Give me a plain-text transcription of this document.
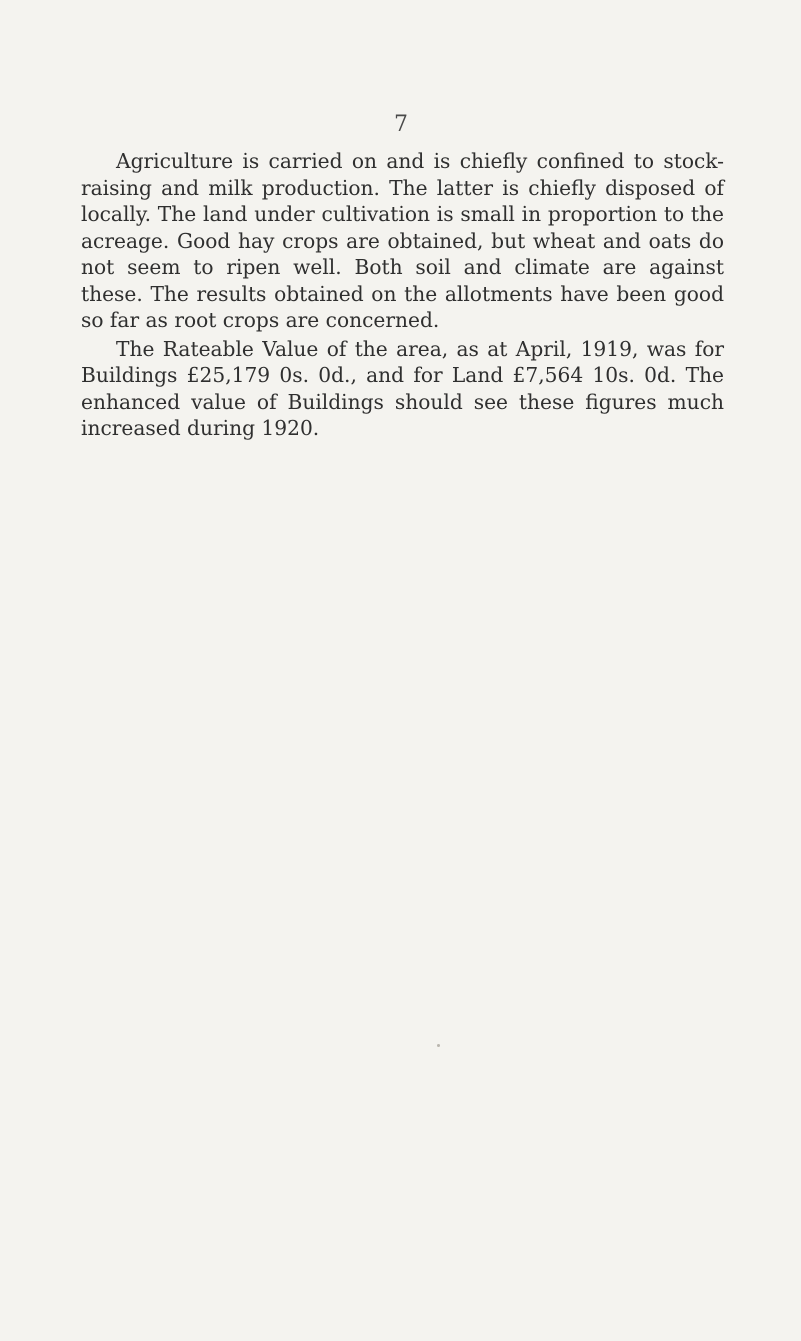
7

Agriculture is carried on and is chiefly confined to stock-raising and milk production. The latter is chiefly disposed of locally. The land under cultivation is small in proportion to the acreage. Good hay crops are obtained, but wheat and oats do not seem to ripen well. Both soil and climate are against these. The results obtained on the allotments have been good so far as root crops are concerned.

The Rateable Value of the area, as at April, 1919, was for Buildings £25,179 0s. 0d., and for Land £7,564 10s. 0d. The enhanced value of Buildings should see these figures much increased during 1920.
